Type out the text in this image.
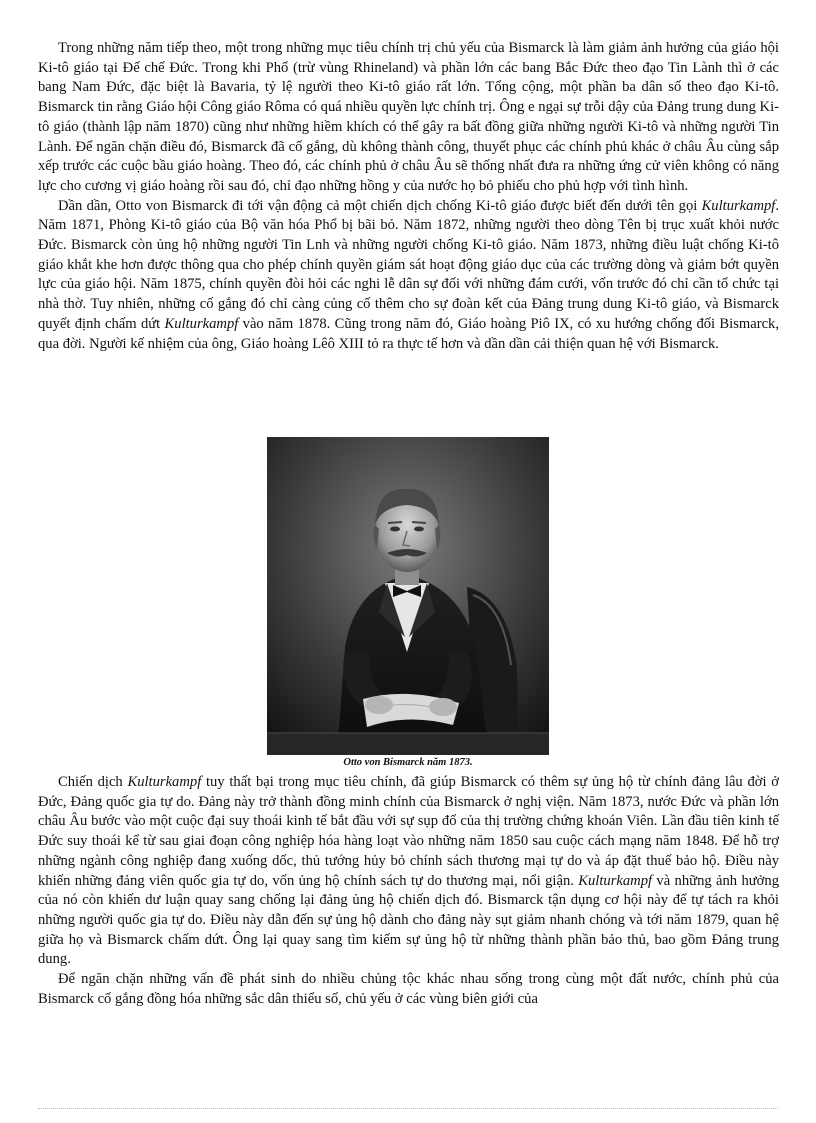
Trong những năm tiếp theo, một trong những mục tiêu chính trị chủ yếu của Bismarck là làm giảm ảnh hưởng của giáo hội Ki-tô giáo tại Đế chế Đức. Trong khi Phổ (trừ vùng Rhineland) và phần lớn các bang Bắc Đức theo đạo Tin Lành thì ở các bang Nam Đức, đặc biệt là Bavaria, tỷ lệ người theo Ki-tô giáo rất lớn. Tổng cộng, một phần ba dân số theo đạo Ki-tô. Bismarck tin rằng Giáo hội Công giáo Rôma có quá nhiều quyền lực chính trị. Ông e ngại sự trỗi dậy của Đảng trung dung Ki-tô giáo (thành lập năm 1870) cũng như những hiềm khích có thể gây ra bất đồng giữa những người Ki-tô và những người Tin Lành. Để ngăn chặn điều đó, Bismarck đã cố gắng, dù không thành công, thuyết phục các chính phủ khác ở châu Âu cùng sắp xếp trước các cuộc bầu giáo hoàng. Theo đó, các chính phủ ở châu Âu sẽ thống nhất đưa ra những ứng cử viên không có năng lực cho cương vị giáo hoàng rồi sau đó, chỉ đạo những hồng y của nước họ bỏ phiếu cho phủ hợp với tình hình.

Dần dần, Otto von Bismarck đi tới vận động cả một chiến dịch chống Ki-tô giáo được biết đến dưới tên gọi Kulturkampf. Năm 1871, Phòng Ki-tô giáo của Bộ văn hóa Phổ bị bãi bỏ. Năm 1872, những người theo dòng Tên bị trục xuất khỏi nước Đức. Bismarck còn ủng hộ những người Tin Lnh và những người chống Ki-tô giáo. Năm 1873, những điều luật chống Ki-tô giáo khắt khe hơn được thông qua cho phép chính quyền giám sát hoạt động giáo dục của các trường dòng và giảm bớt quyền lực của giáo hội. Năm 1875, chính quyền đòi hỏi các nghi lễ dân sự đối với những đám cưới, vốn trước đó chỉ cần tổ chức tại nhà thờ. Tuy nhiên, những cố gắng đó chỉ càng củng cố thêm cho sự đoàn kết của Đảng trung dung Ki-tô giáo, và Bismarck quyết định chấm dứt Kulturkampf vào năm 1878. Cũng trong năm đó, Giáo hoàng Piô IX, có xu hướng chống đối Bismarck, qua đời. Người kế nhiệm của ông, Giáo hoàng Lêô XIII tỏ ra thực tế hơn và dần dần cải thiện quan hệ với Bismarck.

Otto von Bismarck năm 1873.

Chiến dịch Kulturkampf tuy thất bại trong mục tiêu chính, đã giúp Bismarck có thêm sự ủng hộ từ chính đảng lâu đời ở Đức, Đảng quốc gia tự do. Đảng này trở thành đồng minh chính của Bismarck ở nghị viện. Năm 1873, nước Đức và phần lớn châu Âu bước vào một cuộc đại suy thoái kinh tế bắt đầu với sự sụp đổ của thị trường chứng khoán Viên. Lần đầu tiên kinh tế Đức suy thoái kể từ sau giai đoạn công nghiệp hóa hàng loạt vào những năm 1850 sau cuộc cách mạng năm 1848. Để hỗ trợ những ngành công nghiệp đang xuống dốc, thủ tướng hủy bỏ chính sách thương mại tự do và áp đặt thuế bảo hộ. Điều này khiến những đảng viên quốc gia tự do, vốn ủng hộ chính sách tự do thương mại, nổi giận. Kulturkampf và những ảnh hưởng của nó còn khiến dư luận quay sang chống lại đảng ủng hộ chiến dịch đó. Bismarck tận dụng cơ hội này để tự tách ra khỏi những người quốc gia tự do. Điều này dẫn đến sự ủng hộ dành cho đảng này sụt giảm nhanh chóng và tới năm 1879, quan hệ giữa họ và Bismarck chấm dứt. Ông lại quay sang tìm kiếm sự ủng hộ từ những thành phần bảo thủ, bao gồm Đảng trung dung.

Để ngăn chặn những vấn đề phát sinh do nhiều chủng tộc khác nhau sống trong cùng một đất nước, chính phủ của Bismarck cố gắng đồng hóa những sắc dân thiểu số, chủ yếu ở các vùng biên giới của
